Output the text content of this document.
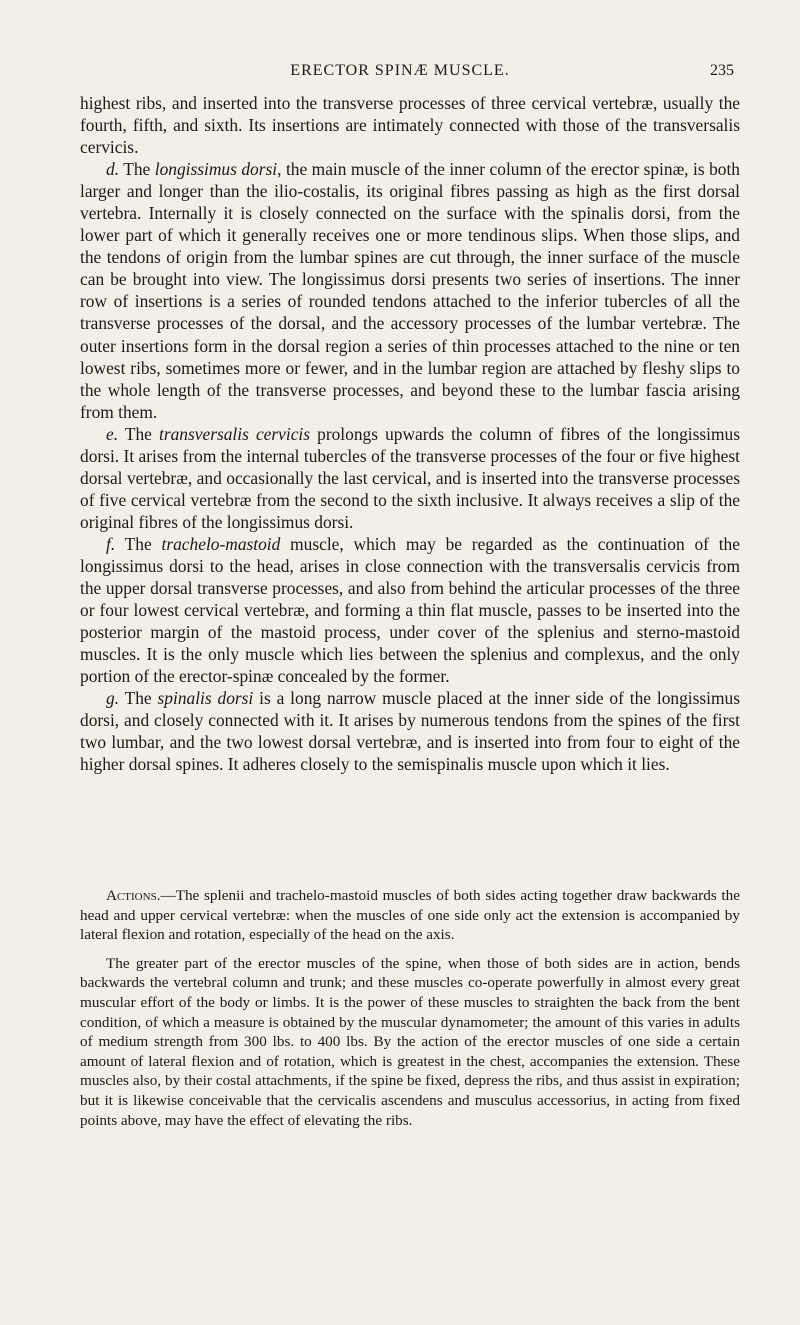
ERECTOR SPINÆ MUSCLE.	235

highest ribs, and inserted into the transverse processes of three cervical vertebræ, usually the fourth, fifth, and sixth. Its insertions are intimately connected with those of the transversalis cervicis.

d. The longissimus dorsi, the main muscle of the inner column of the erector spinæ, is both larger and longer than the ilio-costalis, its original fibres passing as high as the first dorsal vertebra. Internally it is closely connected on the surface with the spinalis dorsi, from the lower part of which it generally receives one or more tendinous slips. When those slips, and the tendons of origin from the lumbar spines are cut through, the inner surface of the muscle can be brought into view. The longissimus dorsi presents two series of insertions. The inner row of insertions is a series of rounded tendons attached to the inferior tubercles of all the transverse processes of the dorsal, and the accessory processes of the lumbar vertebræ. The outer insertions form in the dorsal region a series of thin processes attached to the nine or ten lowest ribs, sometimes more or fewer, and in the lumbar region are attached by fleshy slips to the whole length of the transverse processes, and beyond these to the lumbar fascia arising from them.

e. The transversalis cervicis prolongs upwards the column of fibres of the longissimus dorsi. It arises from the internal tubercles of the transverse processes of the four or five highest dorsal vertebræ, and occasionally the last cervical, and is inserted into the transverse processes of five cervical vertebræ from the second to the sixth inclusive. It always receives a slip of the original fibres of the longissimus dorsi.

f. The trachelo-mastoid muscle, which may be regarded as the continuation of the longissimus dorsi to the head, arises in close connection with the transversalis cervicis from the upper dorsal transverse processes, and also from behind the articular processes of the three or four lowest cervical vertebræ, and forming a thin flat muscle, passes to be inserted into the posterior margin of the mastoid process, under cover of the splenius and sterno-mastoid muscles. It is the only muscle which lies between the splenius and complexus, and the only portion of the erector-spinæ concealed by the former.

g. The spinalis dorsi is a long narrow muscle placed at the inner side of the longissimus dorsi, and closely connected with it. It arises by numerous tendons from the spines of the first two lumbar, and the two lowest dorsal vertebræ, and is inserted into from four to eight of the higher dorsal spines. It adheres closely to the semispinalis muscle upon which it lies.

Actions.—The splenii and trachelo-mastoid muscles of both sides acting together draw backwards the head and upper cervical vertebræ: when the muscles of one side only act the extension is accompanied by lateral flexion and rotation, especially of the head on the axis.

The greater part of the erector muscles of the spine, when those of both sides are in action, bends backwards the vertebral column and trunk; and these muscles co-operate powerfully in almost every great muscular effort of the body or limbs. It is the power of these muscles to straighten the back from the bent condition, of which a measure is obtained by the muscular dynamometer; the amount of this varies in adults of medium strength from 300 lbs. to 400 lbs. By the action of the erector muscles of one side a certain amount of lateral flexion and of rotation, which is greatest in the chest, accompanies the extension. These muscles also, by their costal attachments, if the spine be fixed, depress the ribs, and thus assist in expiration; but it is likewise conceivable that the cervicalis ascendens and musculus accessorius, in acting from fixed points above, may have the effect of elevating the ribs.
